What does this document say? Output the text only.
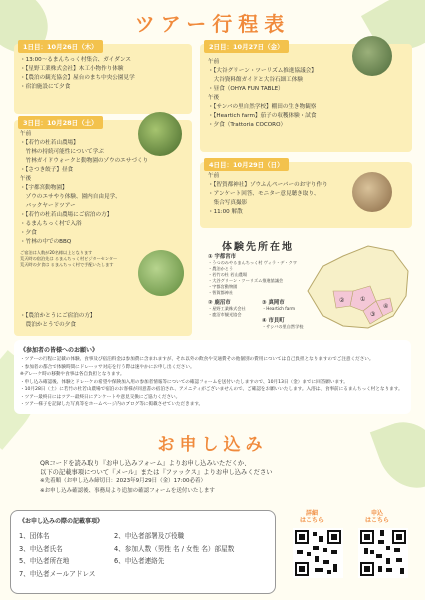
ツアー行程表
1日目：10月26日（木）
・13:00～るまんちっく村集合、ガイダンス
・【星野工業株式会社】木工小物作り体験
・【農泊の観光協会】屋台のまち中央公園見学
・宿泊施設にて夕食
2日目：10月27日（金）
午前
・【大谷グリーン・ツーリズム推進協議会】
　大谷資料館ガイドと大谷石細工体験
・昼食（OHYA FUN TABLE）
午後
・【サンバの里自然学校】棚田の生き物観察
・【Heartich farm】茄子の収穫体験・試食
・夕食（Trattoria COCORO）
3日目：10月28日（土）
午前
・【若竹の杜若山農場】
　竹林の持続可能性について学ぶ
　竹林ガイドウォークと動物園のゾウのエサづくり
・【さつき餃子】昼食
午後
・【宇都宮動物園】
　ゾウのエサやり体験、園内自由見学、
　バックヤードツアー
・【若竹の杜若山農場にご宿泊の方】
・るまんちっく村で入浴
・夕食
・竹林の中でのBBQ
ご宿泊は人数が20名様以上となります
荒天時の宿泊先は るまんちっく村ビジターセンター
荒天時の夕食は るまんちっく村で手配いたします
・【農泊かとうにご宿泊の方】
　農泊かとうでの夕食
4日目：10月29日（日）
午前
・【智賀都神社】ゾウふんペーパーのお守り作り
・アンケート回答、モニター意見聴き取り、
　集合写真撮影
・11:00 解散
体験先所在地
①
②
③
④
① 宇都宮市
・うつのみやるまんちっく村 ヴィラ・デ・クワ
・農泊かとう
・若竹の杜 若山農場
・大谷グリーン・ツーリズム推進協議会
・宇都宮動物園
・智賀都神社
② 鹿沼市
・星野工業株式会社
・鹿沼市観光協会
③ 真岡市
・Heartich farm
④ 市貝町
・サシバの里自然学校
《参加者の皆様へのお願い》
・ツアーの行程に記載の体験、食事及び宿泊料金は参加費に含まれますが、それ以外の飲食や交通費その他個別の費用については自己負担となりますのでご注意ください。
・参加者の都合で体験時間にドレーッサ対応を行う際は速やかにお申し出ください。
※デレーケ時の移動や食事は各自負担となります。
・申し込み確認後、体験とドレーケの希望や保険加入用の参加者情報等についての確認フォームを送付いたしますので、10月13日（金）までに回答願います。
・10月28日（土）に若竹の杜若山農場で宿泊のお客様が同意書の宿泊され、アメニティがございませんので、ご確認をお願いいたします。入浴は、食事前にるまんちっく村となります。
・ツアー最終日にはツアー最終日にアンケートや意見交換にご協力ください。
・ツアー様子を記録した写真等をホームページ内のブログ等に掲載させていただきます。
お申し込み
QRコードを読み取り『お申し込みフォーム』よりお申し込みいただくか、
以下の記載事項について『メール』または『ファックス』よりお申し込みください
※先着順（お申し込み締切日：2023年9月29日（金）17:00必着）
※お申し込み確認後、事務局より追加の確認フォームを送付いたします
《お申し込みの際の記載事項》
1、団体名	2、申込者部署及び役職
3、申込者氏名	4、参加人数（男性 名 / 女性 名）部屋数
5、申込者所在地	6、申込者連絡先
7、申込者メールアドレス
詳細
はこちら
申込
はこちら
